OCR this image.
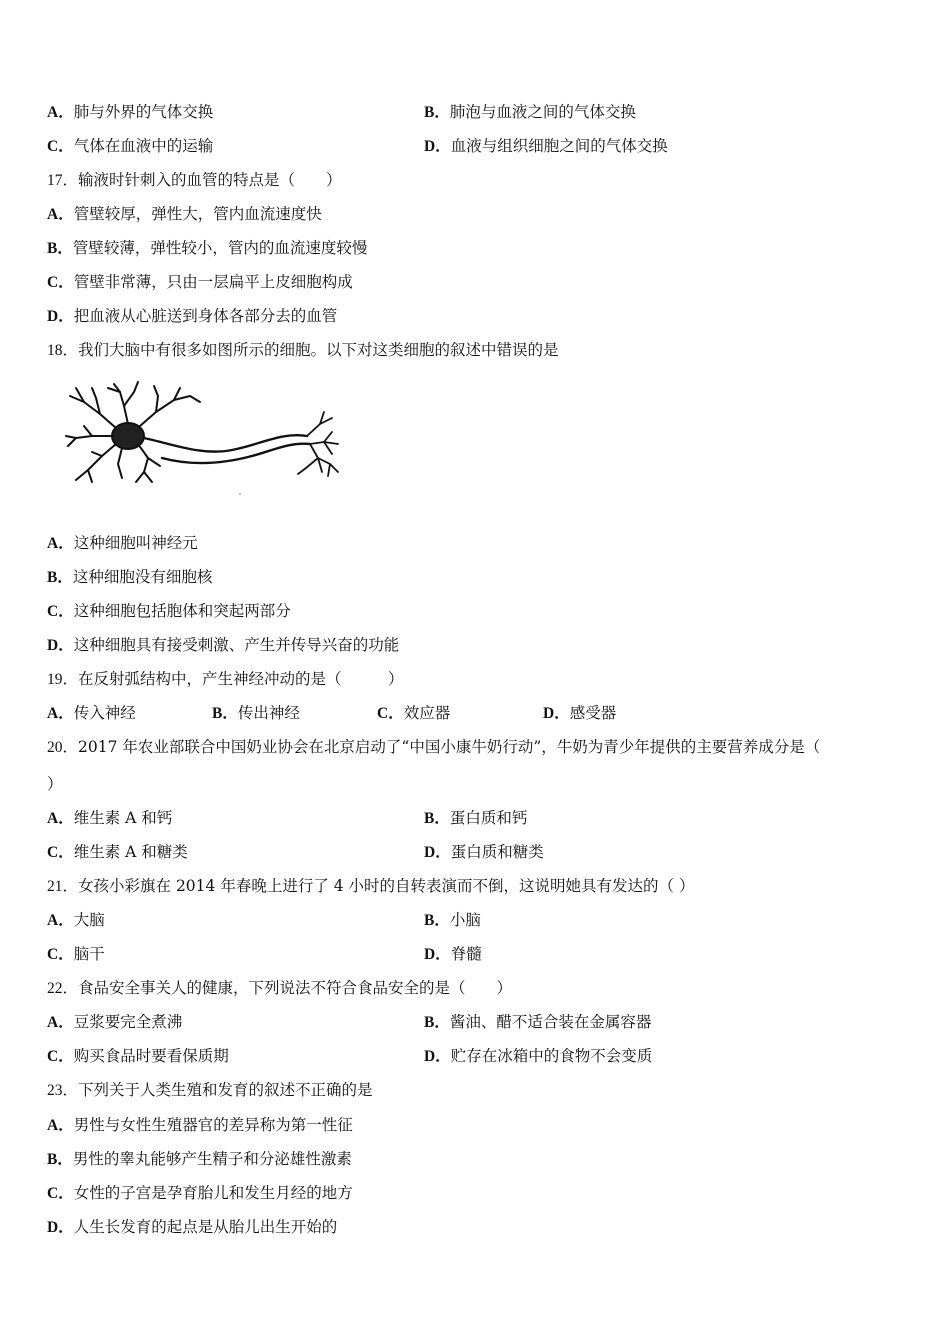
A．肺与外界的气体交换	B．肺泡与血液之间的气体交换
C．气体在血液中的运输	D．血液与组织细胞之间的气体交换
17．输液时针刺入的血管的特点是（　　）
A．管壁较厚，弹性大，管内血流速度快
B．管壁较薄，弹性较小，管内的血流速度较慢
C．管壁非常薄，只由一层扁平上皮细胞构成
D．把血液从心脏送到身体各部分去的血管
18．我们大脑中有很多如图所示的细胞。以下对这类细胞的叙述中错误的是
A．这种细胞叫神经元
B．这种细胞没有细胞核
C．这种细胞包括胞体和突起两部分
D．这种细胞具有接受刺激、产生并传导兴奋的功能
19．在反射弧结构中，产生神经冲动的是（　　　）
A．传入神经	B．传出神经	C．效应器	D．感受器
20．2017 年农业部联合中国奶业协会在北京启动了“中国小康牛奶行动”，牛奶为青少年提供的主要营养成分是（
）
A．维生素 A 和钙	B．蛋白质和钙
C．维生素 A 和糖类	D．蛋白质和糖类
21．女孩小彩旗在 2014 年春晚上进行了 4 小时的自转表演而不倒，这说明她具有发达的（ ）
A．大脑	B．小脑
C．脑干	D．脊髓
22．食品安全事关人的健康，下列说法不符合食品安全的是（　　）
A．豆浆要完全煮沸	B．酱油、醋不适合装在金属容器
C．购买食品时要看保质期	D．贮存在冰箱中的食物不会变质
23．下列关于人类生殖和发育的叙述不正确的是
A．男性与女性生殖器官的差异称为第一性征
B．男性的睾丸能够产生精子和分泌雄性激素
C．女性的子宫是孕育胎儿和发生月经的地方
D．人生长发育的起点是从胎儿出生开始的
